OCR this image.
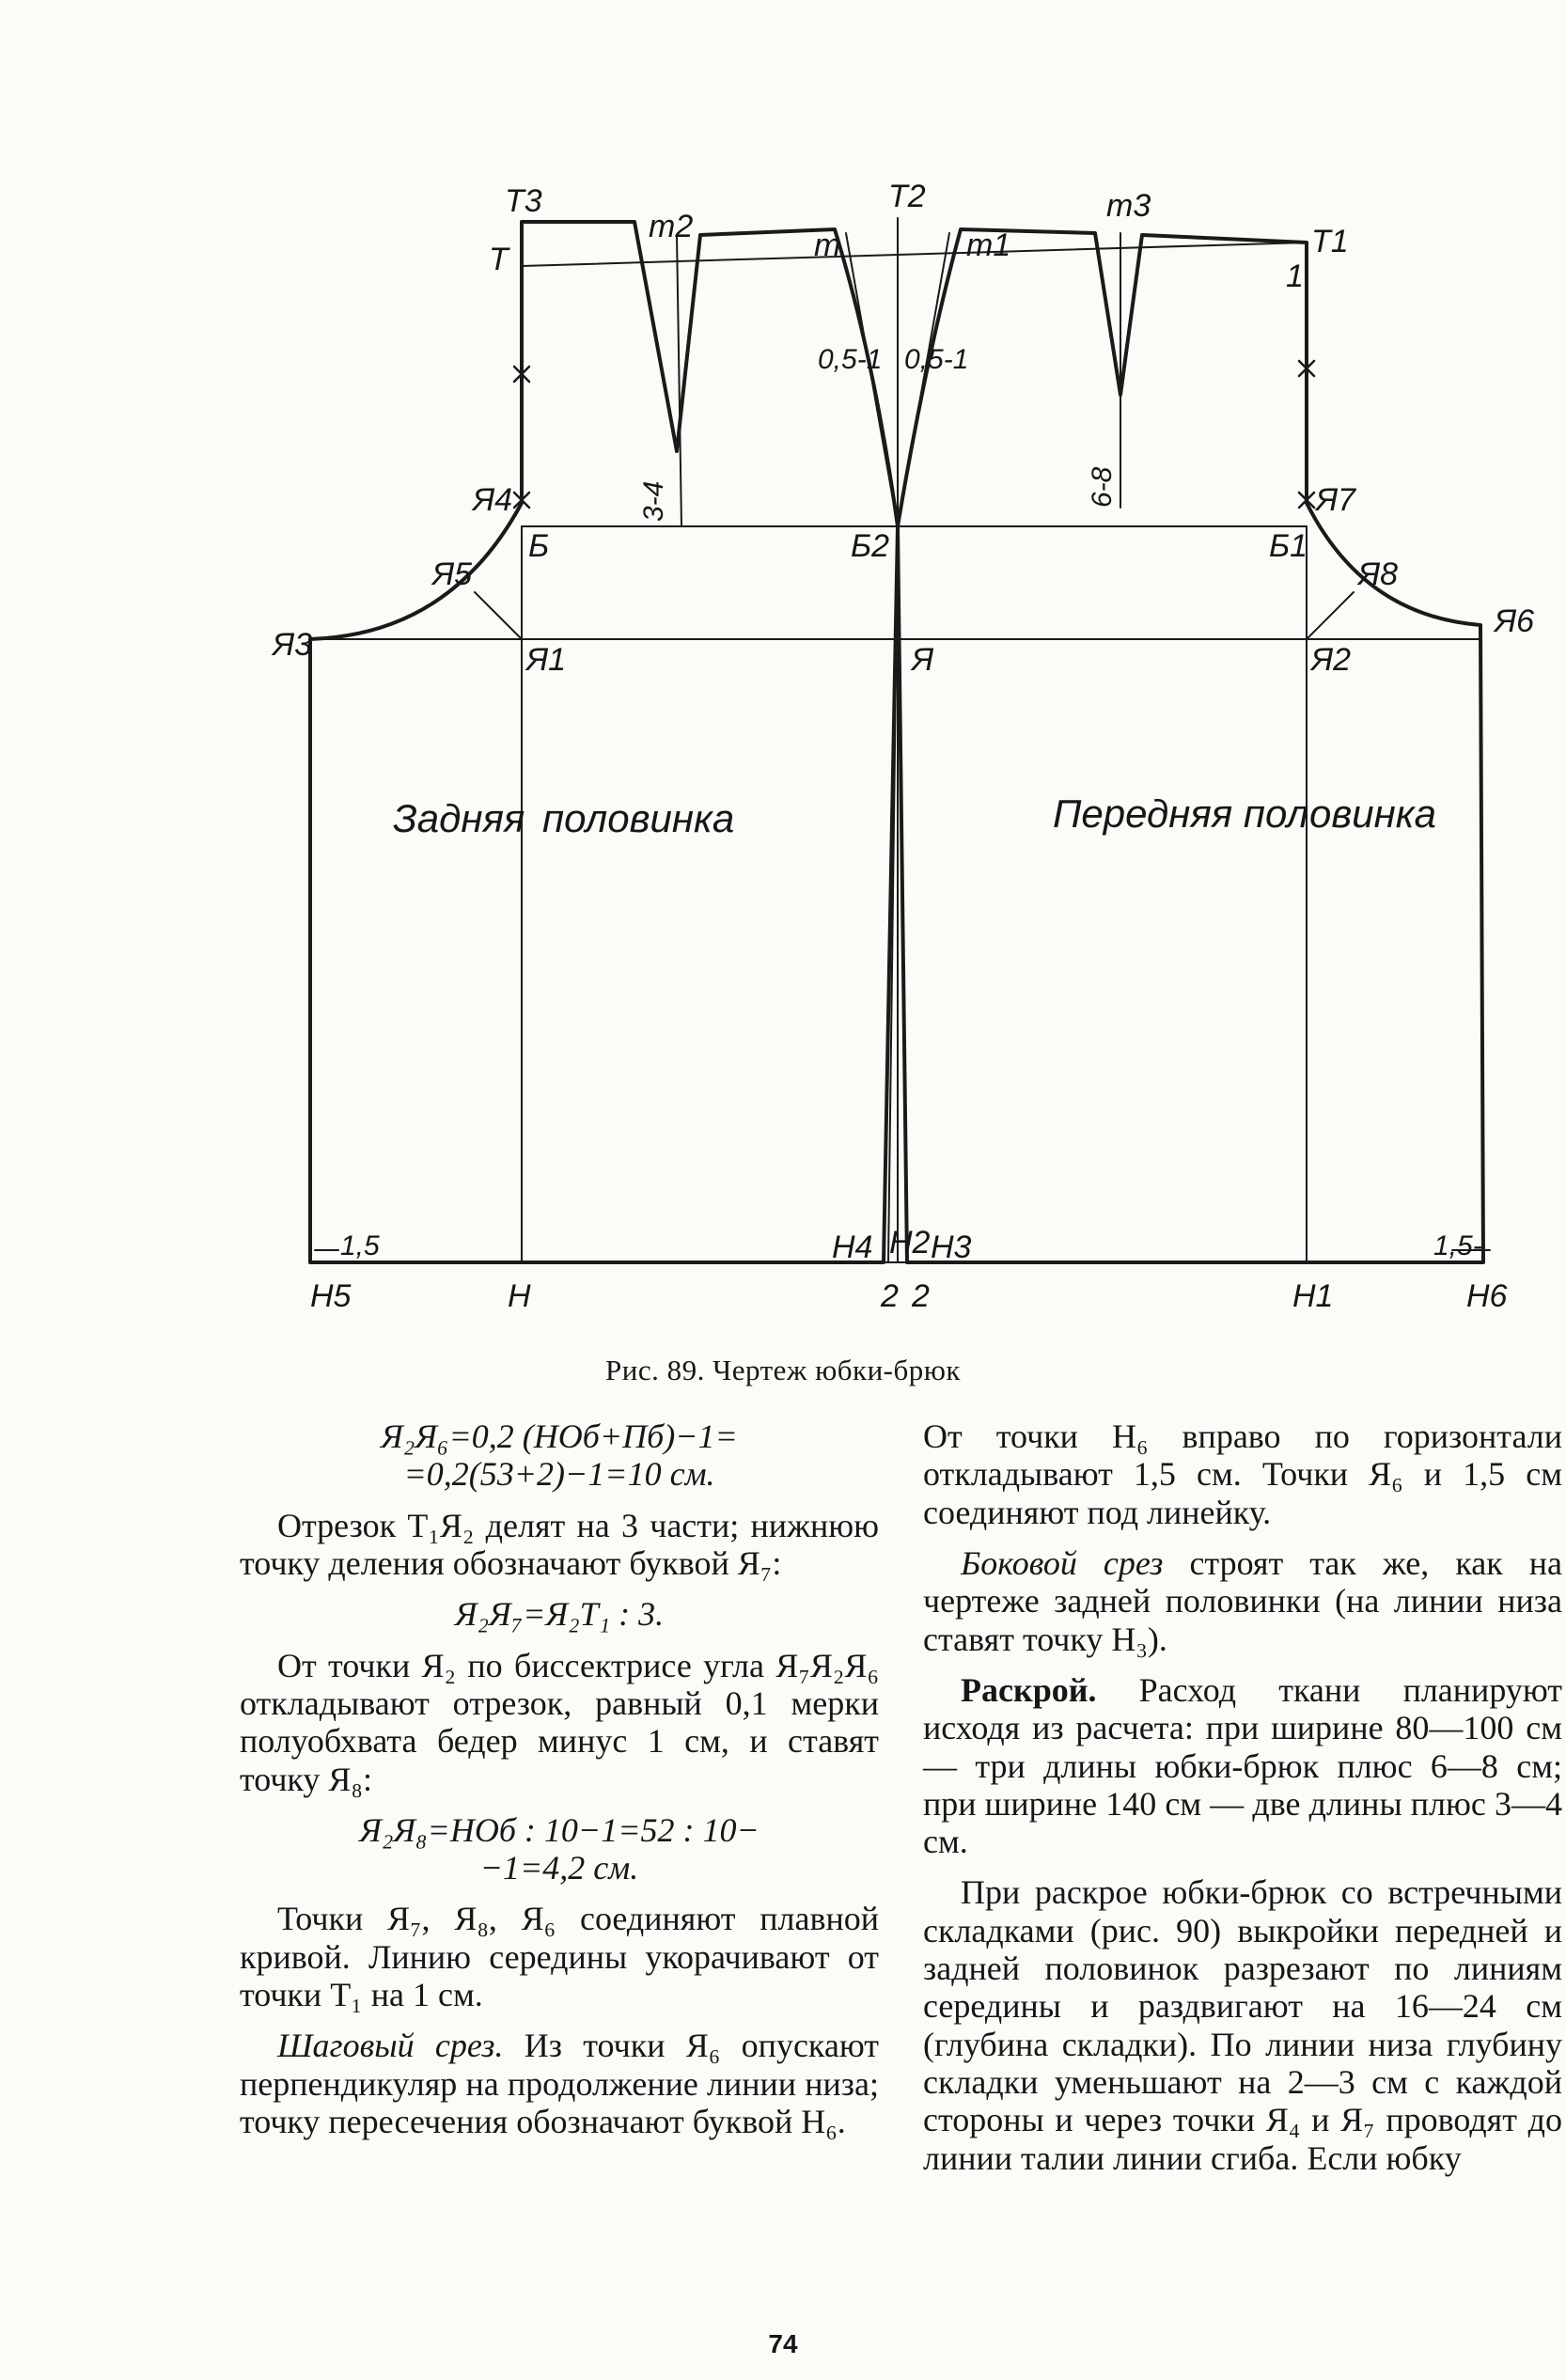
T3
T
m2
T2
m	m1
m3
T1
1
Я4
Я5
Я3
Б
Я1
Б2
Я
Я7
Б1
Я8
Я6
Я2
H5	H
H4 H2 H3
2 2	H1	H6
3-4	6-8
0,5-1 0,5-1
1,5	1,5-
Задняя половинка	Передняя пол овинка
Рис. 89. Чертеж юбки-брюк
Я₂Я₆=0,2 (НОб+Пб)−1=
=0,2(53+2)−1=10 см.

Отрезок Т₁Я₂ делят на 3 части; нижнюю точку деления обозначают буквой Я₇:

Я₂Я₇=Я₂Т₁ : 3.

От точки Я₂ по биссектрисе угла Я₇Я₂Я₆ откладывают отрезок, равный 0,1 мерки полуобхвата бедер минус 1 см, и ставят точку Я₈:

Я₂Я₈=НОб : 10−1=52 : 10−
−1=4,2 см.

Точки Я₇, Я₈, Я₆ соединяют плавной кривой. Линию середины укорачивают от точки Т₁ на 1 см.

Шаговый срез. Из точки Я₆ опускают перпендикуляр на продолжение линии низа; точку пересечения обозначают буквой Н₆.

От точки Н₆ вправо по горизонтали откладывают 1,5 см. Точки Я₆ и 1,5 см соединяют под линейку.

Боковой срез строят так же, как на чертеже задней половинки (на линии низа ставят точку Н₃).

Раскрой. Расход ткани планируют исходя из расчета: при ширине 80—100 см — три длины юбки-брюк плюс 6—8 см; при ширине 140 см — две длины плюс 3—4 см.

При раскрое юбки-брюк со встречными складками (рис. 90) выкройки передней и задней половинок разрезают по линиям середины и раздвигают на 16—24 см (глубина складки). По линии низа глубину складки уменьшают на 2—3 см с каждой стороны и через точки Я₄ и Я₇ проводят до линии талии линии сгиба. Если юбку

74
